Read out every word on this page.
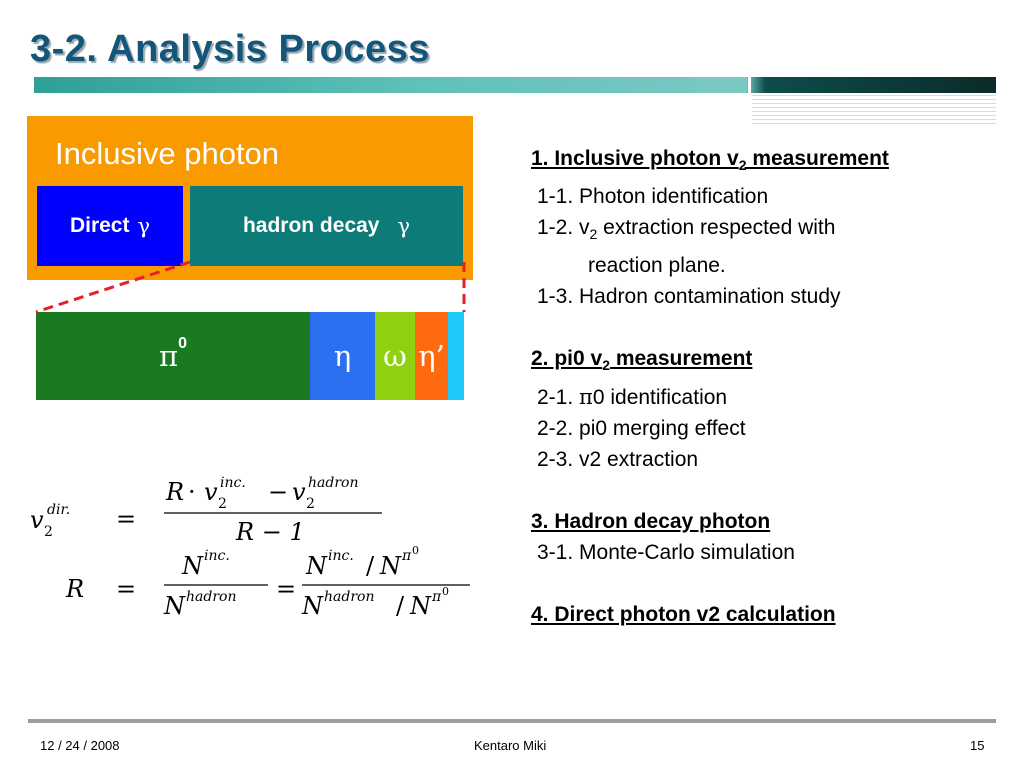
3-2. Analysis Process
Inclusive photon
Direct γ	hadron decay γ
π 0	η ω η’
v 2
dir. =
R · v 2
inc. − v 2
hadron
R − 1
R =
N inc.
N hadron =
N inc. / N π 0
N hadron / N π 0
1. Inclusive photon $v_2$ measurement
1-1. Photon identification
1-2. $v_2$ extraction respected with
reaction plane.
1-3. Hadron contamination study
2. pi0 $v_2$ measurement
2-1. π0 identification
2-2. pi0 merging effect
2-3. v2 extraction
3. Hadron decay photon
3-1. Monte-Carlo simulation
4. Direct photon v2 calculation
12 / 24 / 2008	Kentaro Miki	15
